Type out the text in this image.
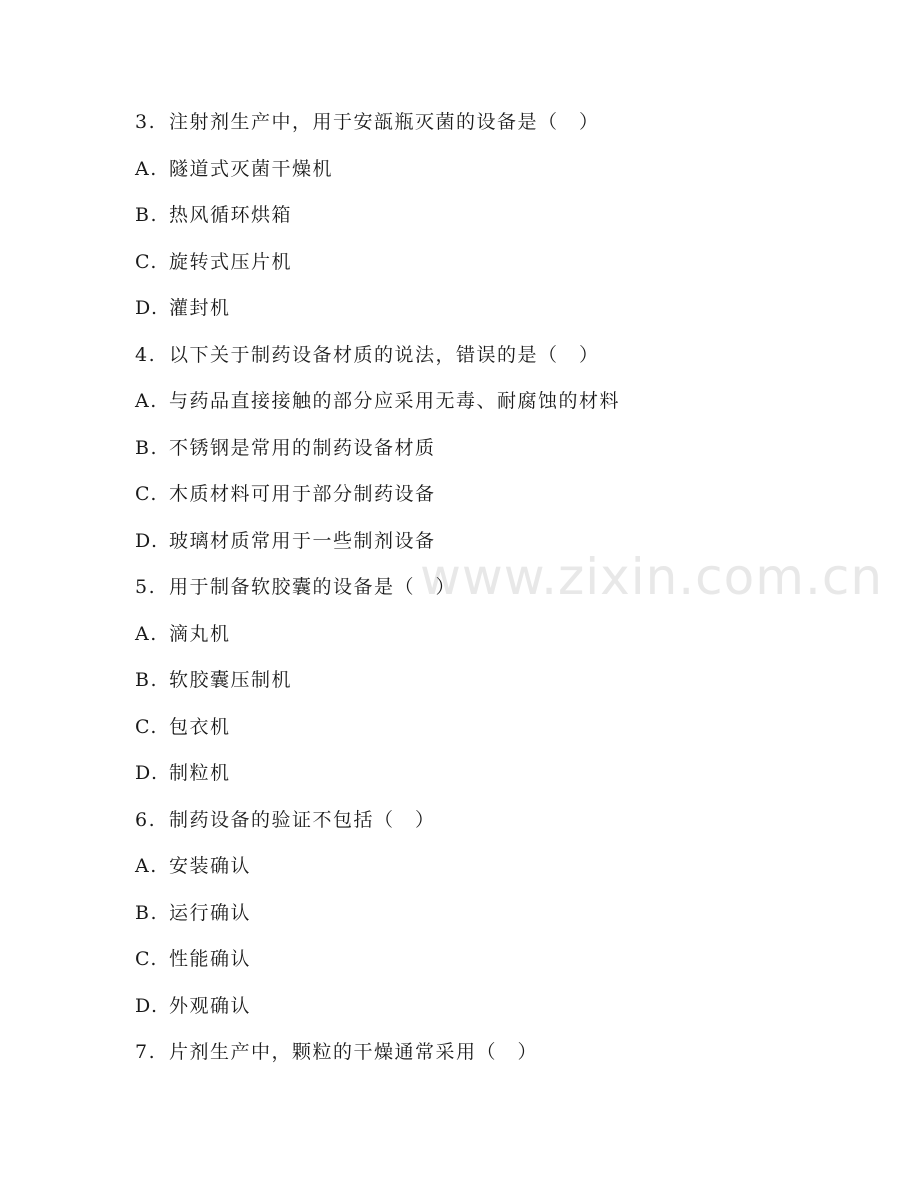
www.zixin.com.cn
3. 注射剂生产中，用于安瓿瓶灭菌的设备是（　）
A. 隧道式灭菌干燥机
B. 热风循环烘箱
C. 旋转式压片机
D. 灌封机
4. 以下关于制药设备材质的说法，错误的是（　）
A. 与药品直接接触的部分应采用无毒、耐腐蚀的材料
B. 不锈钢是常用的制药设备材质
C. 木质材料可用于部分制药设备
D. 玻璃材质常用于一些制剂设备
5. 用于制备软胶囊的设备是（　）
A. 滴丸机
B. 软胶囊压制机
C. 包衣机
D. 制粒机
6. 制药设备的验证不包括（　）
A. 安装确认
B. 运行确认
C. 性能确认
D. 外观确认
7. 片剂生产中，颗粒的干燥通常采用（　）
